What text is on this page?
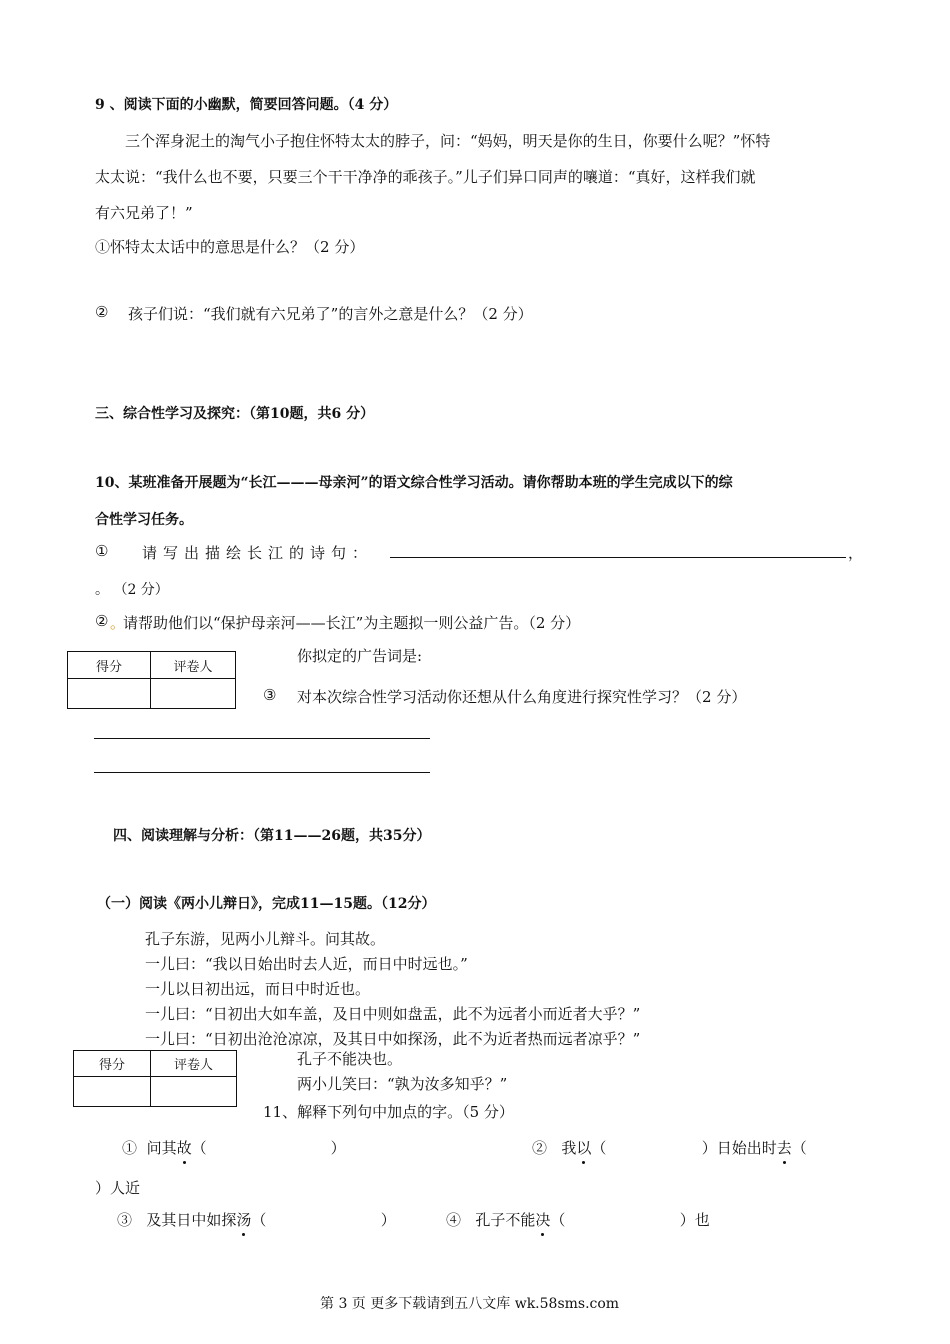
9 、阅读下面的小幽默，简要回答问题。（4 分）
三个浑身泥土的淘气小子抱住怀特太太的脖子，问：“妈妈，明天是你的生日，你要什么呢？”怀特
太太说：“我什么也不要，只要三个干干净净的乖孩子。”儿子们异口同声的嚷道：“真好，这样我们就
有六兄弟了！”
①怀特太太话中的意思是什么？（2 分）
② 孩子们说：“我们就有六兄弟了”的言外之意是什么？（2 分）
三、综合性学习及探究：（第10题，共6 分）
10、某班准备开展题为“长江———母亲河”的语文综合性学习活动。请你帮助本班的学生完成以下的综
合性学习任务。
① 请写出描绘长江的诗句：	，
。 （2 分）
② 。
请帮助他们以“保护母亲河——长江”为主题拟一则公益广告。（2 分）
得分	评卷人

你拟定的广告词是:
③ 对本次综合性学习活动你还想从什么角度进行探究性学习？（2 分）
四、阅读理解与分析：（第11——26题，共35分）
（一）阅读《两小儿辩日》，完成11—15题。（12分）
孔子东游，见两小儿辩斗。问其故。
一儿曰：“我以日始出时去人近，而日中时远也。”
一儿以日初出远，而日中时近也。
一儿曰：“日初出大如车盖，及日中则如盘盂，此不为远者小而近者大乎？”
一儿曰：“日初出沧沧凉凉，及其日中如探汤，此不为近者热而远者凉乎？”
孔子不能决也。
两小儿笑曰：“孰为汝多知乎？”
得分	评卷人

11、解释下列句中加点的字。（5 分）
① 问其故（                          ）	② 我以（                    ）日始出时去（
）人近
③ 及其日中如探汤（                        ）	④ 孔子不能决（                        ）也
第 3 页 更多下载请到五八文库 wk.58sms.com
